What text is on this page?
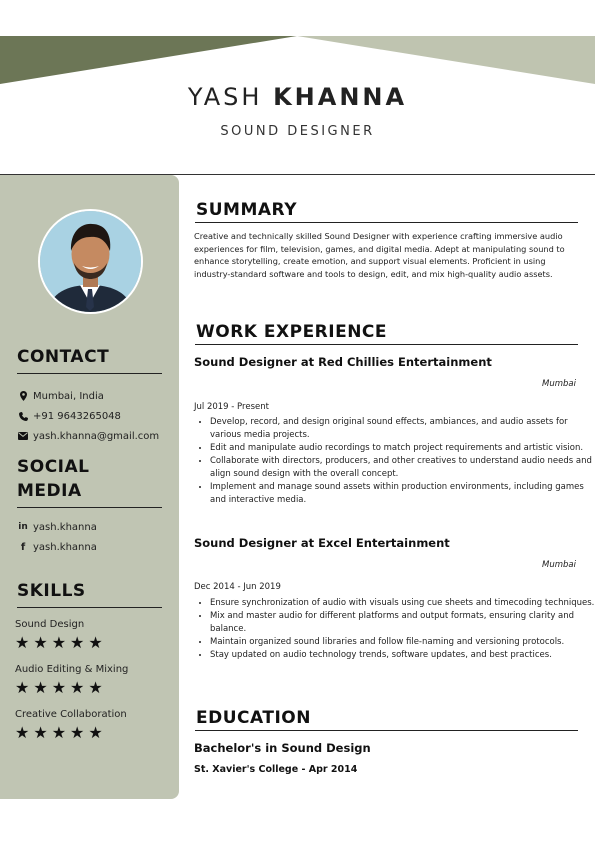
YASH KHANNA
SOUND DESIGNER
CONTACT
Mumbai, India
+91 9643265048
yash.khanna@gmail.com
SOCIAL
MEDIA
in yash.khanna
f yash.khanna
SKILLS
Sound Design
★★★★★
Audio Editing & Mixing
★★★★★
Creative Collaboration
★★★★★
SUMMARY
Creative and technically skilled Sound Designer with experience crafting immersive audio experiences for film, television, games, and digital media. Adept at manipulating sound to enhance storytelling, create emotion, and support visual elements. Proficient in using industry-standard software and tools to design, edit, and mix high-quality audio assets.
WORK EXPERIENCE
Sound Designer at Red Chillies Entertainment
Mumbai
Jul 2019 - Present
• Develop, record, and design original sound effects, ambiances, and audio assets for various media projects.
• Edit and manipulate audio recordings to match project requirements and artistic vision.
• Collaborate with directors, producers, and other creatives to understand audio needs and align sound design with the overall concept.
• Implement and manage sound assets within production environments, including games and interactive media.
Sound Designer at Excel Entertainment
Mumbai
Dec 2014 - Jun 2019
• Ensure synchronization of audio with visuals using cue sheets and timecoding techniques.
• Mix and master audio for different platforms and output formats, ensuring clarity and balance.
• Maintain organized sound libraries and follow file-naming and versioning protocols.
• Stay updated on audio technology trends, software updates, and best practices.
EDUCATION
Bachelor's in Sound Design
St. Xavier's College - Apr 2014
